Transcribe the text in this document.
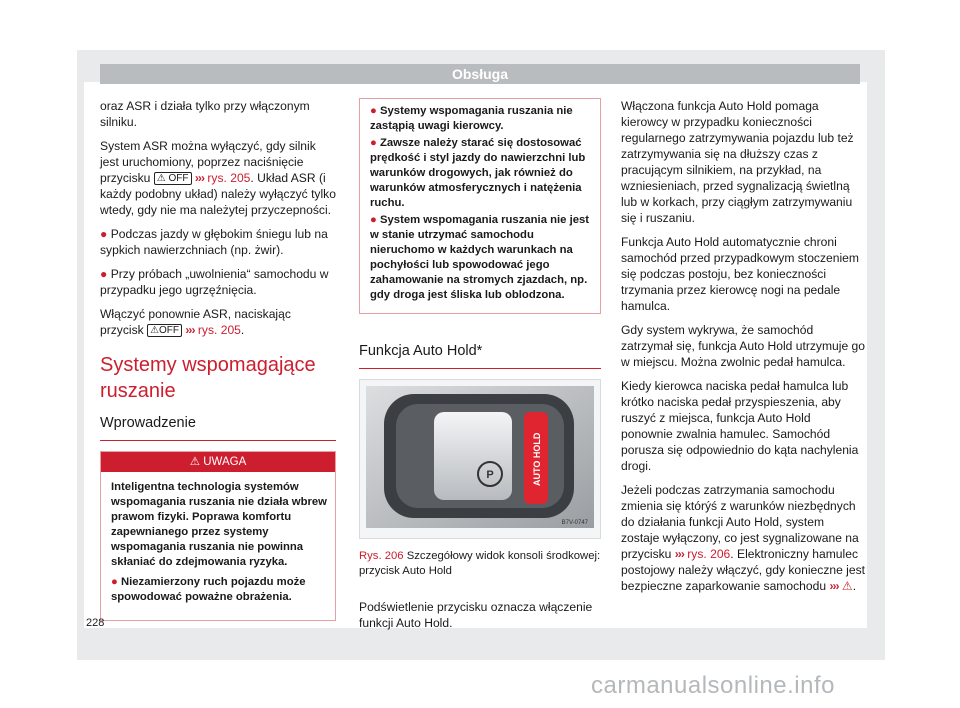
Obsługa

oraz ASR i działa tylko przy włączonym silniku.

System ASR można wyłączyć, gdy silnik jest uruchomiony, poprzez naciśnięcie przycisku ⚠ OFF ››› rys. 205. Układ ASR (i każdy podobny układ) należy wyłączyć tylko wtedy, gdy nie ma należytej przyczepności.

● Podczas jazdy w głębokim śniegu lub na sypkich nawierzchniach (np. żwir).

● Przy próbach „uwolnienia“ samochodu w przypadku jego ugrzęźnięcia.

Włączyć ponownie ASR, naciskając przycisk ⚠OFF ››› rys. 205.

Systemy wspomagające ruszanie
Wprowadzenie
⚠ UWAGA

Inteligentna technologia systemów wspomagania ruszania nie działa wbrew prawom fizyki. Poprawa komfortu zapewnianego przez systemy wspomagania ruszania nie powinna skłaniać do zdejmowania ryzyka.

● Niezamierzony ruch pojazdu może spowodować poważne obrażenia.

● Systemy wspomagania ruszania nie zastąpią uwagi kierowcy.

● Zawsze należy starać się dostosować prędkość i styl jazdy do nawierzchni lub warunków drogowych, jak również do warunków atmosferycznych i natężenia ruchu.

● System wspomagania ruszania nie jest w stanie utrzymać samochodu nieruchomo w każdych warunkach na pochyłości lub spowodować jego zahamowanie na stromych zjazdach, np. gdy droga jest śliska lub oblodzona.

Funkcja Auto Hold*
P	AUTO HOLD
B7V-0747
Rys. 206 Szczegółowy widok konsoli środkowej: przycisk Auto Hold

Podświetlenie przycisku oznacza włączenie funkcji Auto Hold.

Włączona funkcja Auto Hold pomaga kierowcy w przypadku konieczności regularnego zatrzymywania pojazdu lub też zatrzymywania się na dłuższy czas z pracującym silnikiem, na przykład, na wzniesieniach, przed sygnalizacją świetlną lub w korkach, przy ciągłym zatrzymywaniu się i ruszaniu.

Funkcja Auto Hold automatycznie chroni samochód przed przypadkowym stoczeniem się podczas postoju, bez konieczności trzymania przez kierowcę nogi na pedale hamulca.

Gdy system wykrywa, że samochód zatrzymał się, funkcja Auto Hold utrzymuje go w miejscu. Można zwolnic pedał hamulca.

Kiedy kierowca naciska pedał hamulca lub krótko naciska pedał przyspieszenia, aby ruszyć z miejsca, funkcja Auto Hold ponownie zwalnia hamulec. Samochód porusza się odpowiednio do kąta nachylenia drogi.

Jeżeli podczas zatrzymania samochodu zmienia się którýś z warunków niezbędnych do działania funkcji Auto Hold, system zostaje wyłączony, co jest sygnalizowane na przycisku ››› rys. 206. Elektroniczny hamulec postojowy należy włączyć, gdy konieczne jest bezpieczne zaparkowanie samochodu ››› ⚠.

228
carmanualsonline.info
